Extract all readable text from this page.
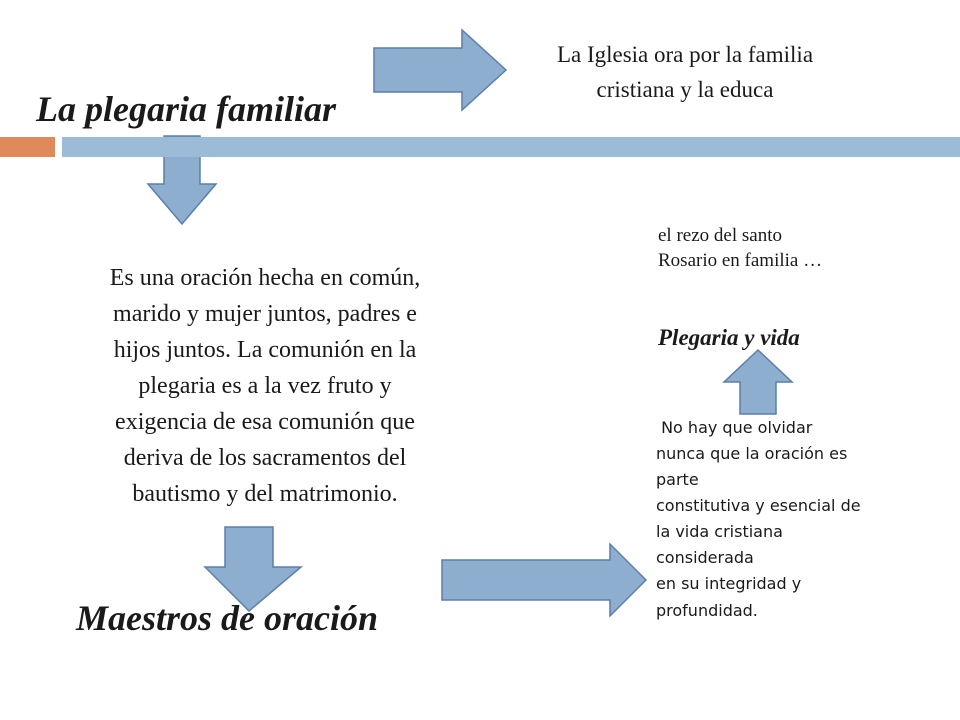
La Iglesia ora por la familia
cristiana y la educa
La plegaria familiar
Es una oración hecha en común,
marido y mujer juntos, padres e
hijos juntos. La comunión en la
plegaria es a la vez fruto y
exigencia de esa comunión que
deriva de los sacramentos del
bautismo y del matrimonio.
Maestros de oración
el rezo del santo
Rosario en familia …
Plegaria y vida
No hay que olvidar
nunca que la oración es
parte
constitutiva y esencial de
la vida cristiana
considerada
en su integridad y
profundidad.
